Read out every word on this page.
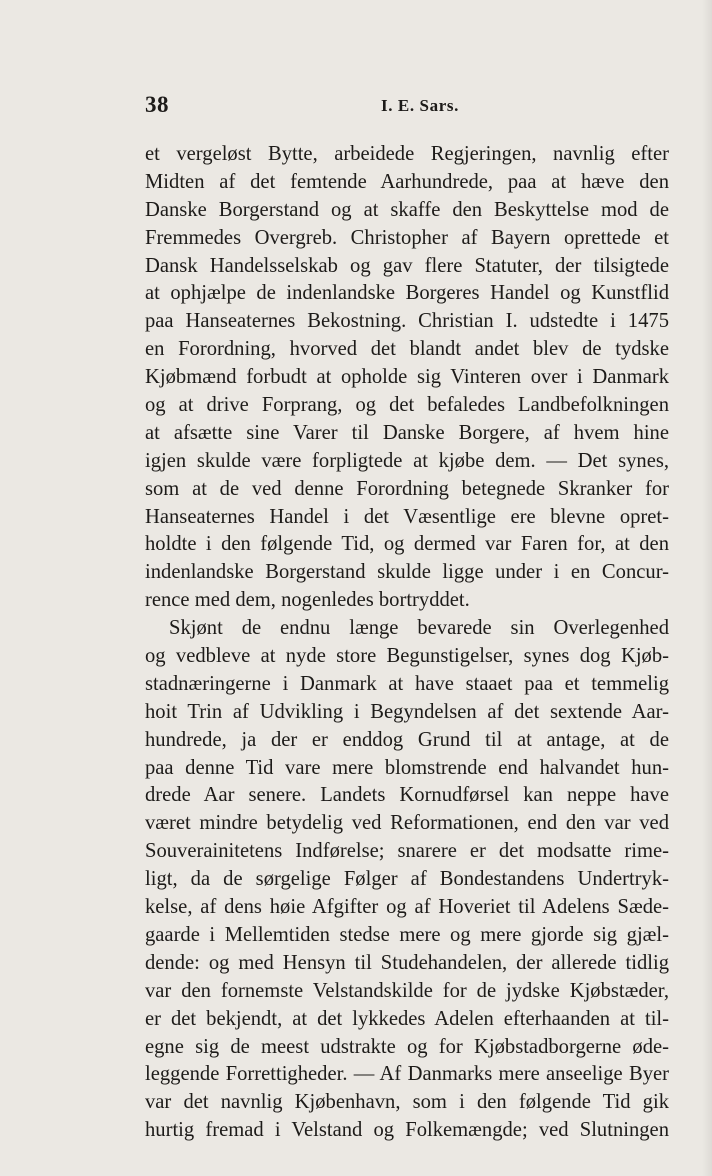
38	I. E. Sars.
et vergeløst Bytte, arbeidede Regjeringen, navnlig efter
Midten af det femtende Aarhundrede, paa at hæve den
Danske Borgerstand og at skaffe den Beskyttelse mod de
Fremmedes Overgreb. Christopher af Bayern oprettede et
Dansk Handelsselskab og gav flere Statuter, der tilsigtede
at ophjælpe de indenlandske Borgeres Handel og Kunstflid
paa Hanseaternes Bekostning. Christian I. udstedte i 1475
en Forordning, hvorved det blandt andet blev de tydske
Kjøbmænd forbudt at opholde sig Vinteren over i Danmark
og at drive Forprang, og det befaledes Landbefolkningen
at afsætte sine Varer til Danske Borgere, af hvem hine
igjen skulde være forpligtede at kjøbe dem. — Det synes,
som at de ved denne Forordning betegnede Skranker for
Hanseaternes Handel i det Væsentlige ere blevne opret-
holdte i den følgende Tid, og dermed var Faren for, at den
indenlandske Borgerstand skulde ligge under i en Concur-
rence med dem, nogenledes bortryddet.
Skjønt de endnu længe bevarede sin Overlegenhed
og vedbleve at nyde store Begunstigelser, synes dog Kjøb-
stadnæringerne i Danmark at have staaet paa et temmelig
hoit Trin af Udvikling i Begyndelsen af det sextende Aar-
hundrede, ja der er enddog Grund til at antage, at de
paa denne Tid vare mere blomstrende end halvandet hun-
drede Aar senere. Landets Kornudførsel kan neppe have
været mindre betydelig ved Reformationen, end den var ved
Souverainitetens Indførelse; snarere er det modsatte rime-
ligt, da de sørgelige Følger af Bondestandens Undertryk-
kelse, af dens høie Afgifter og af Hoveriet til Adelens Sæde-
gaarde i Mellemtiden stedse mere og mere gjorde sig gjæl-
dende: og med Hensyn til Studehandelen, der allerede tidlig
var den fornemste Velstandskilde for de jydske Kjøbstæder,
er det bekjendt, at det lykkedes Adelen efterhaanden at til-
egne sig de meest udstrakte og for Kjøbstadborgerne øde-
leggende Forrettigheder. — Af Danmarks mere anseelige Byer
var det navnlig Kjøbenhavn, som i den følgende Tid gik
hurtig fremad i Velstand og Folkemængde; ved Slutningen
